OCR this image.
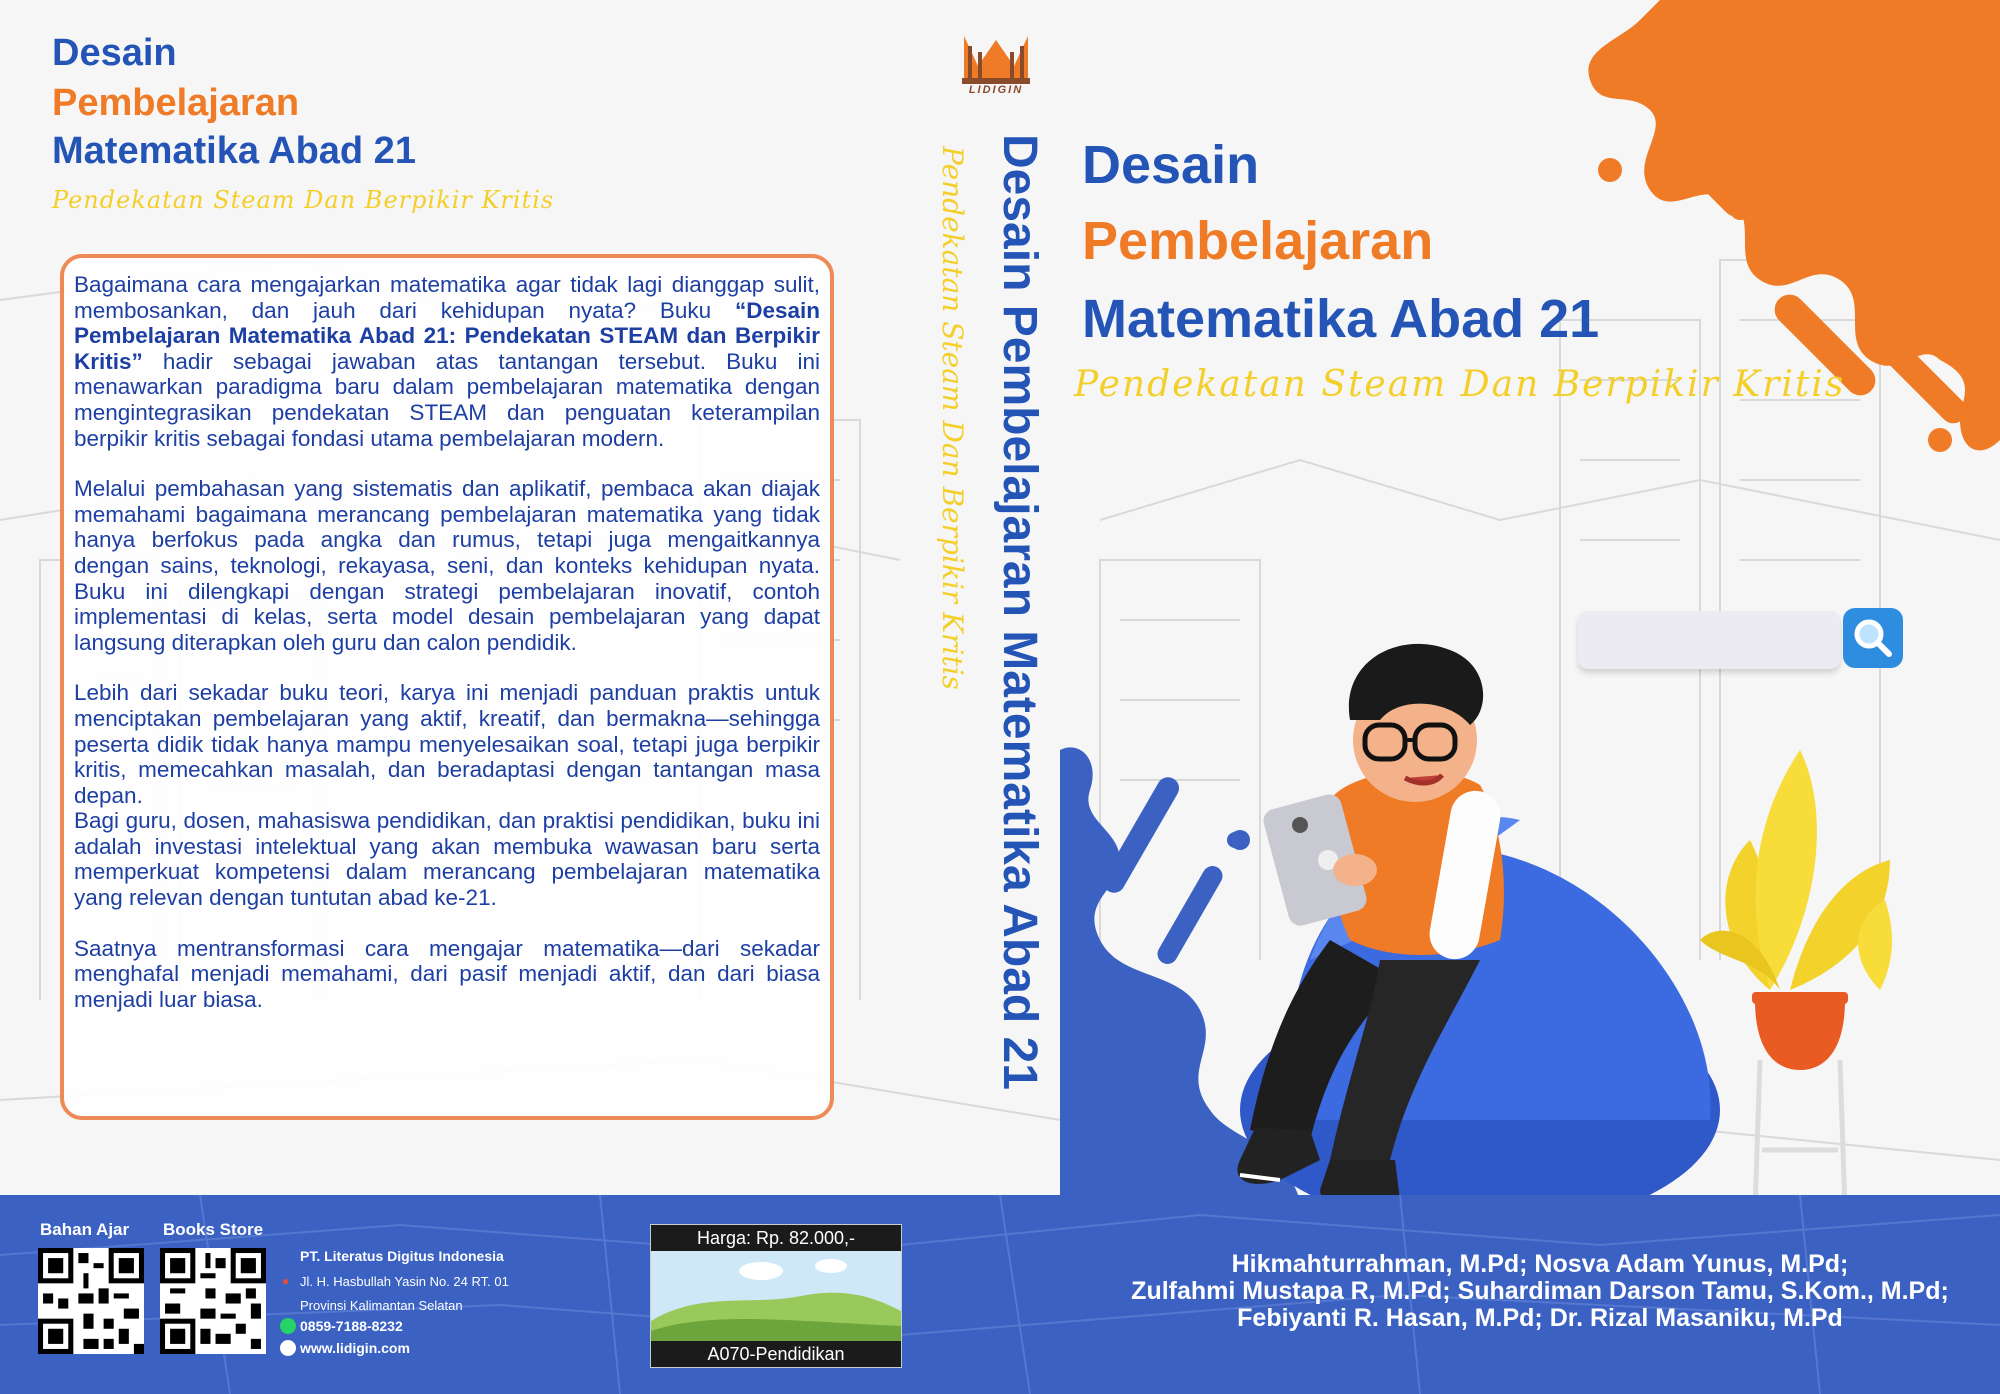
Desain
Pembelajaran
Matematika Abad 21
Pendekatan Steam Dan Berpikir Kritis

Bagaimana cara mengajarkan matematika agar tidak lagi dianggap sulit, membosankan, dan jauh dari kehidupan nyata? Buku “Desain Pembelajaran Matematika Abad 21: Pendekatan STEAM dan Berpikir Kritis” hadir sebagai jawaban atas tantangan tersebut. Buku ini menawarkan paradigma baru dalam pembelajaran matematika dengan mengintegrasikan pendekatan STEAM dan penguatan keterampilan berpikir kritis sebagai fondasi utama pembelajaran modern.

Melalui pembahasan yang sistematis dan aplikatif, pembaca akan diajak memahami bagaimana merancang pembelajaran matematika yang tidak hanya berfokus pada angka dan rumus, tetapi juga mengaitkannya dengan sains, teknologi, rekayasa, seni, dan konteks kehidupan nyata. Buku ini dilengkapi dengan strategi pembelajaran inovatif, contoh implementasi di kelas, serta model desain pembelajaran yang dapat langsung diterapkan oleh guru dan calon pendidik.

Lebih dari sekadar buku teori, karya ini menjadi panduan praktis untuk menciptakan pembelajaran yang aktif, kreatif, dan bermakna—sehingga peserta didik tidak hanya mampu menyelesaikan soal, tetapi juga berpikir kritis, memecahkan masalah, dan beradaptasi dengan tantangan masa depan.

Bagi guru, dosen, mahasiswa pendidikan, dan praktisi pendidikan, buku ini adalah investasi intelektual yang akan membuka wawasan baru serta memperkuat kompetensi dalam merancang pembelajaran matematika yang relevan dengan tuntutan abad ke-21.

Saatnya mentransformasi cara mengajar matematika—dari sekadar menghafal menjadi memahami, dari pasif menjadi aktif, dan dari biasa menjadi luar biasa.

LIDIGIN
Desain Pembelajaran Matematika Abad 21
Pendekatan Steam Dan Berpikir Kritis Desain
Pembelajaran
Matematika Abad 21
Pendekatan Steam Dan Berpikir Kritis
Bahan Ajar Books Store
PT. Literatus Digitus Indonesia
● Jl. H. Hasbullah Yasin No. 24 RT. 01
Provinsi Kalimantan Selatan
0859-7188-8232
www.lidigin.com
Harga: Rp. 82.000,-
A070-Pendidikan
Hikmahturrahman, M.Pd; Nosva Adam Yunus, M.Pd;
Zulfahmi Mustapa R, M.Pd; Suhardiman Darson Tamu, S.Kom., M.Pd;
Febiyanti R. Hasan, M.Pd; Dr. Rizal Masaniku, M.Pd
